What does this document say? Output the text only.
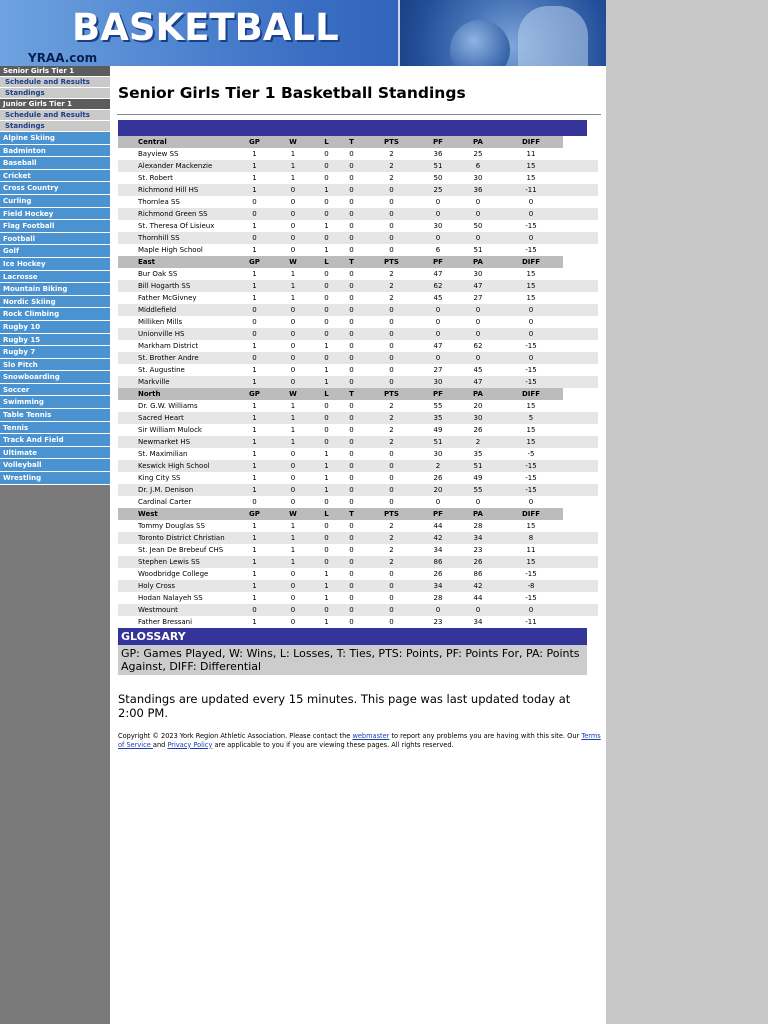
BASKETBALL
YRAA.com
Senior Girls Tier 1
Schedule and Results
Standings
Junior Girls Tier 1
Schedule and Results
Standings
Alpine Skiing
Badminton
Baseball
Cricket
Cross Country
Curling
Field Hockey
Flag Football
Football
Golf
Ice Hockey
Lacrosse
Mountain Biking
Nordic Skiing
Rock Climbing
Rugby 10
Rugby 15
Rugby 7
Slo Pitch
Snowboarding
Soccer
Swimming
Table Tennis
Tennis
Track And Field
Ultimate
Volleyball
Wrestling
Senior Girls Tier 1 Basketball Standings
Central	GP	W	L	T	PTS	PF	PA	DIFF	
Bayview SS	1	1	0	0	2	36	25	11	
Alexander Mackenzie	1	1	0	0	2	51	6	15	
St. Robert	1	1	0	0	2	50	30	15	
Richmond Hill HS	1	0	1	0	0	25	36	-11	
Thornlea SS	0	0	0	0	0	0	0	0	
Richmond Green SS	0	0	0	0	0	0	0	0	
St. Theresa Of Lisieux	1	0	1	0	0	30	50	-15	
Thornhill SS	0	0	0	0	0	0	0	0	
Maple High School	1	0	1	0	0	6	51	-15	
East	GP	W	L	T	PTS	PF	PA	DIFF	
Bur Oak SS	1	1	0	0	2	47	30	15	
Bill Hogarth SS	1	1	0	0	2	62	47	15	
Father McGivney	1	1	0	0	2	45	27	15	
Middlefield	0	0	0	0	0	0	0	0	
Milliken Mills	0	0	0	0	0	0	0	0	
Unionville HS	0	0	0	0	0	0	0	0	
Markham District	1	0	1	0	0	47	62	-15	
St. Brother Andre	0	0	0	0	0	0	0	0	
St. Augustine	1	0	1	0	0	27	45	-15	
Markville	1	0	1	0	0	30	47	-15	
North	GP	W	L	T	PTS	PF	PA	DIFF	
Dr. G.W. Williams	1	1	0	0	2	55	20	15	
Sacred Heart	1	1	0	0	2	35	30	5	
Sir William Mulock	1	1	0	0	2	49	26	15	
Newmarket HS	1	1	0	0	2	51	2	15	
St. Maximilian	1	0	1	0	0	30	35	-5	
Keswick High School	1	0	1	0	0	2	51	-15	
King City SS	1	0	1	0	0	26	49	-15	
Dr. J.M. Denison	1	0	1	0	0	20	55	-15	
Cardinal Carter	0	0	0	0	0	0	0	0	
West	GP	W	L	T	PTS	PF	PA	DIFF	
Tommy Douglas SS	1	1	0	0	2	44	28	15	
Toronto District Christian	1	1	0	0	2	42	34	8	
St. Jean De Brebeuf CHS	1	1	0	0	2	34	23	11	
Stephen Lewis SS	1	1	0	0	2	86	26	15	
Woodbridge College	1	0	1	0	0	26	86	-15	
Holy Cross	1	0	1	0	0	34	42	-8	
Hodan Nalayeh SS	1	0	1	0	0	28	44	-15	
Westmount	0	0	0	0	0	0	0	0	
Father Bressani	1	0	1	0	0	23	34	-11	
GLOSSARY
GP: Games Played, W: Wins, L: Losses, T: Ties, PTS: Points, PF: Points For, PA: Points Against, DIFF: Differential
Standings are updated every 15 minutes. This page was last updated today at 2:00 PM.
Copyright © 2023 York Region Athletic Association. Please contact the webmaster to report any problems you are having with this site. Our Terms of Service and Privacy Policy are applicable to you if you are viewing these pages. All rights reserved.
